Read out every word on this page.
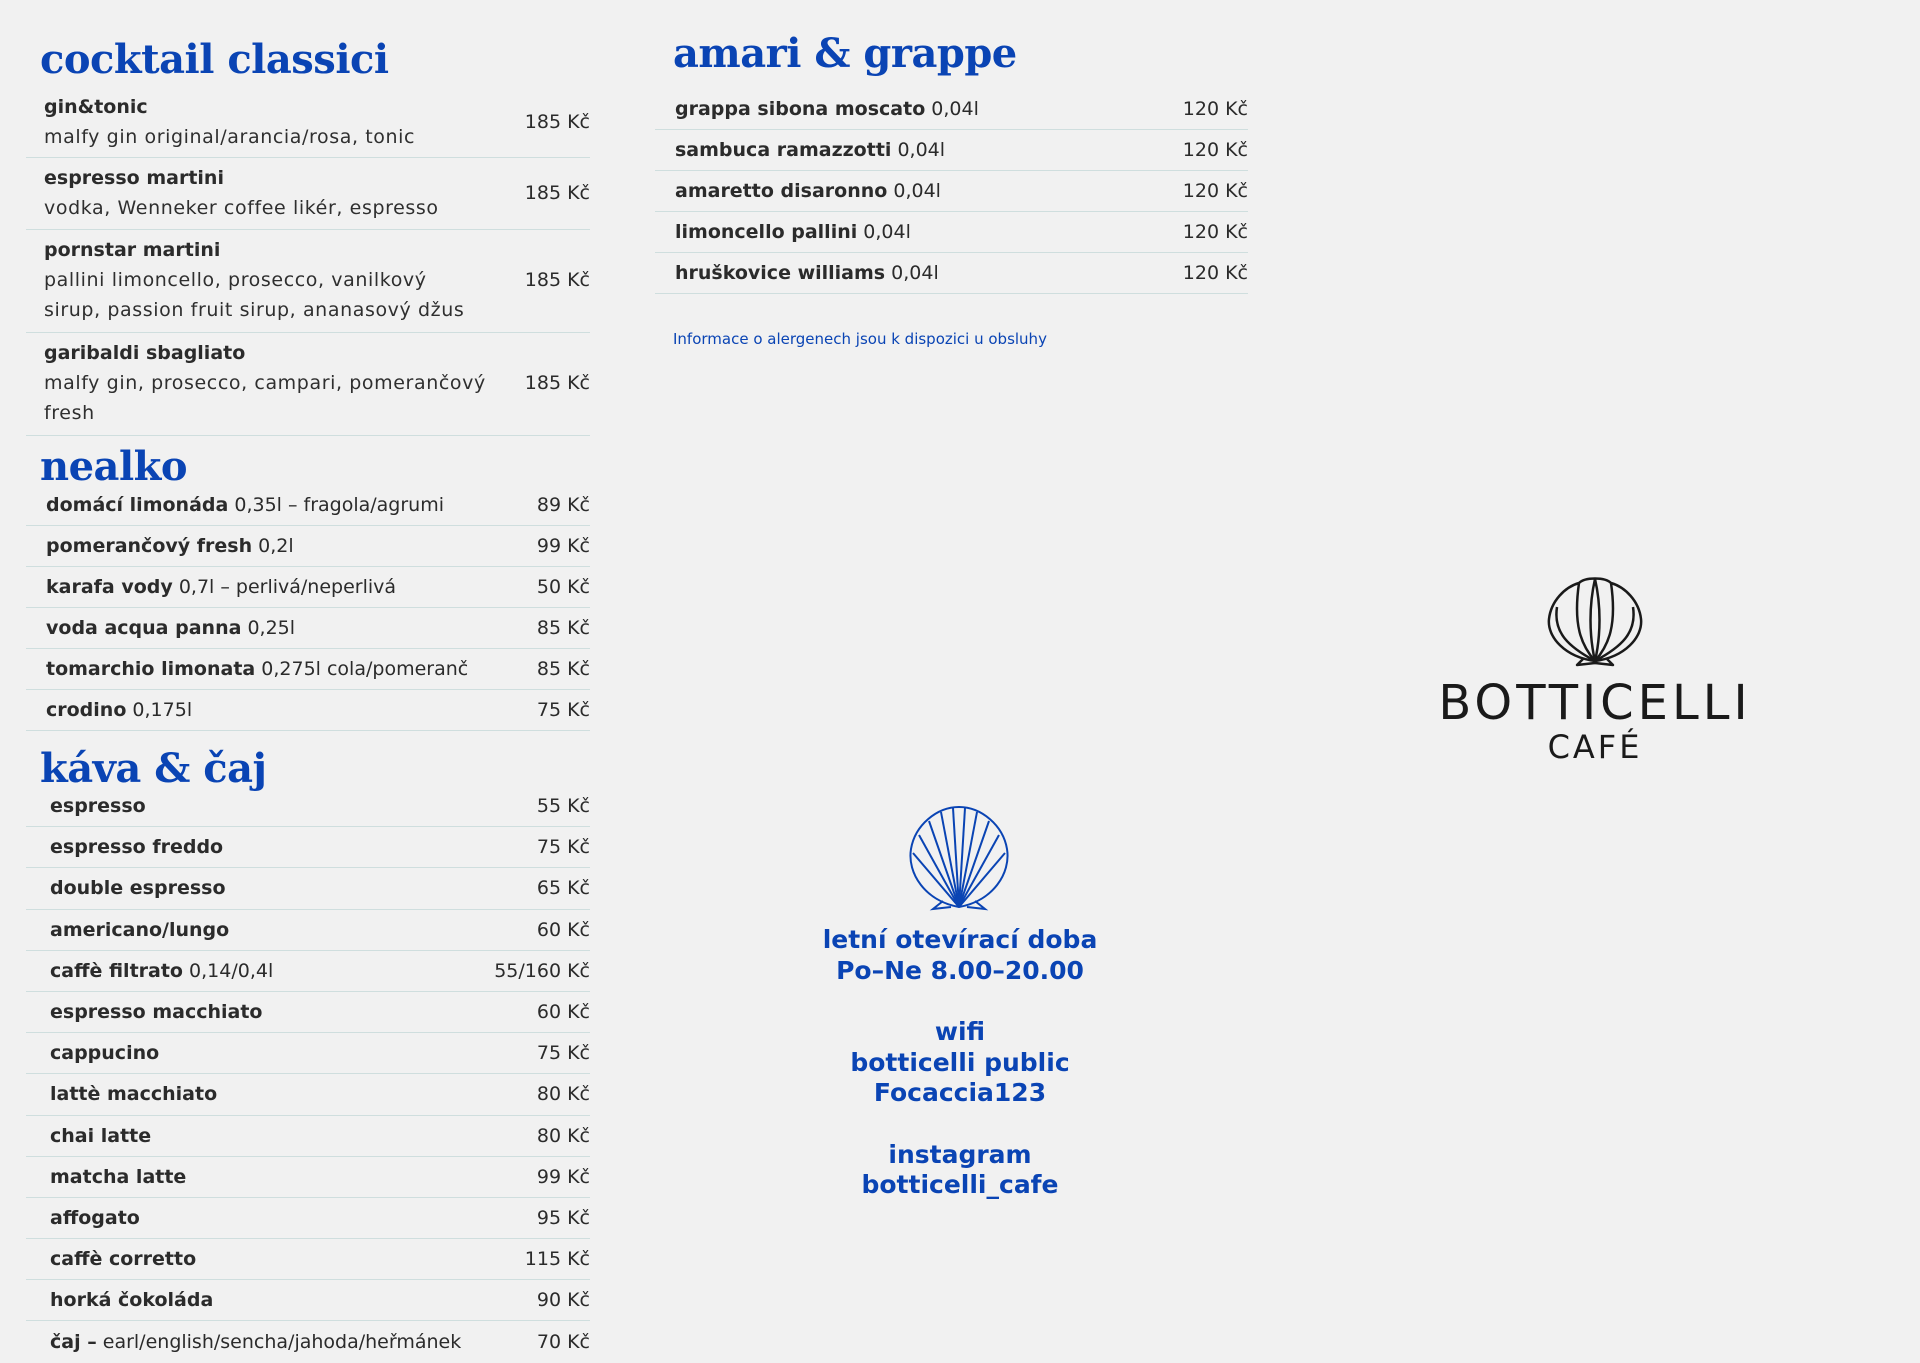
cocktail classici
gin&tonic
malfy gin original/arancia/rosa, tonic
185 Kč
espresso martini
vodka, Wenneker coffee likér, espresso
185 Kč
pornstar martini
pallini limoncello, prosecco, vanilkový
sirup, passion fruit sirup, ananasový džus
185 Kč
garibaldi sbagliato
malfy gin, prosecco, campari, pomerančový
fresh
185 Kč
nealko
domácí limonáda 0,35l – fragola/agrumi	89 Kč
pomerančový fresh 0,2l	99 Kč
karafa vody 0,7l – perlivá/neperlivá	50 Kč
voda acqua panna 0,25l	85 Kč
tomarchio limonata 0,275l cola/pomeranč	85 Kč
crodino 0,175l	75 Kč
káva & čaj
espresso	55 Kč
espresso freddo	75 Kč
double espresso	65 Kč
americano/lungo	60 Kč
caffè filtrato 0,14/0,4l	55/160 Kč
espresso macchiato	60 Kč
cappucino	75 Kč
lattè macchiato	80 Kč
chai latte	80 Kč
matcha latte	99 Kč
affogato	95 Kč
caffè corretto	115 Kč
horká čokoláda	90 Kč
čaj – earl/english/sencha/jahoda/heřmánek	70 Kč
amari & grappe
grappa sibona moscato 0,04l	120 Kč
sambuca ramazzotti 0,04l	120 Kč
amaretto disaronno 0,04l	120 Kč
limoncello pallini 0,04l	120 Kč
hruškovice williams 0,04l	120 Kč
Informace o alergenech jsou k dispozici u obsluhy
letní otevírací doba
Po–Ne 8.00–20.00
wifi
botticelli public
Focaccia123
instagram
botticelli_cafe
BOTTICELLI
CAFÉ
